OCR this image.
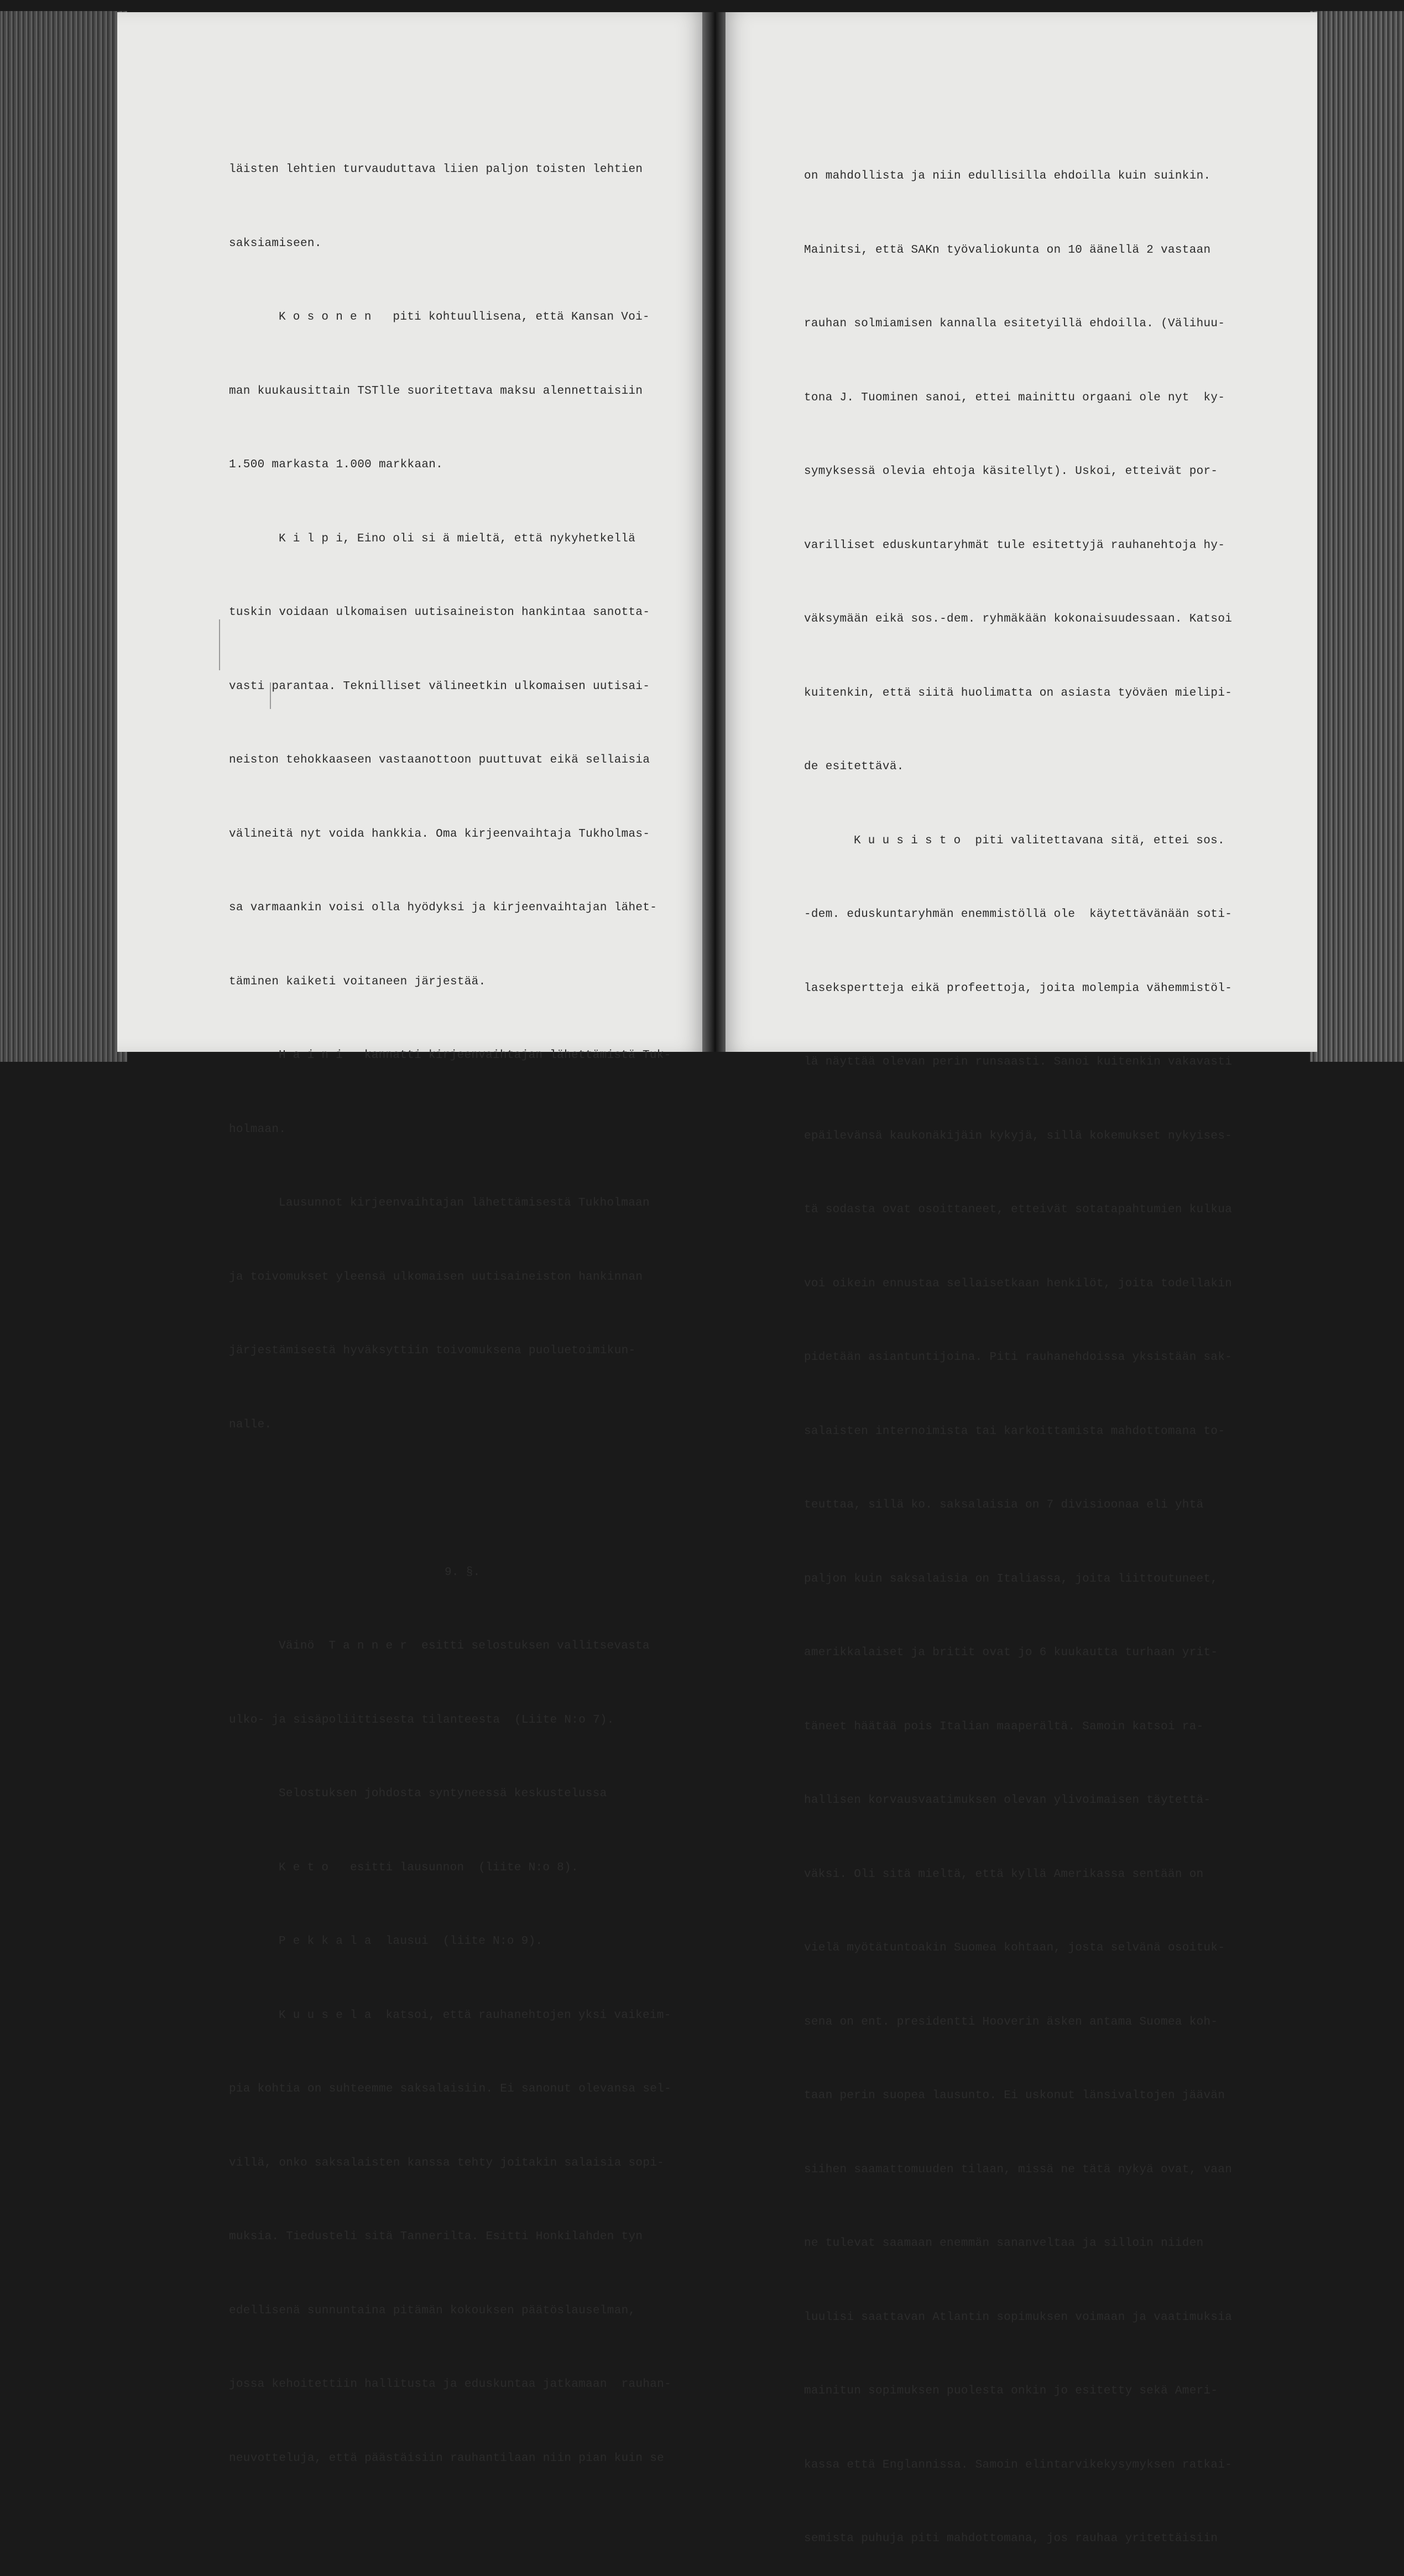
läisten lehtien turvauduttava liien paljon toisten lehtien

saksiamiseen.

K o s o n e n   piti kohtuullisena, että Kansan Voi-

man kuukausittain TSTlle suoritettava maksu alennettaisiin

1.500 markasta 1.000 markkaan.

K i l p i, Eino oli si ä mieltä, että nykyhetkellä

tuskin voidaan ulkomaisen uutisaineiston hankintaa sanotta-

vasti parantaa. Teknilliset välineetkin ulkomaisen uutisai-

neiston tehokkaaseen vastaanottoon puuttuvat eikä sellaisia

välineitä nyt voida hankkia. Oma kirjeenvaihtaja Tukholmas-

sa varmaankin voisi olla hyödyksi ja kirjeenvaihtajan lähet-

täminen kaiketi voitaneen järjestää.

H a i n i   kannatti kirjeenvaihtajan lähettämistä Tuk-

holmaan.

Lausunnot kirjeenvaihtajan lähettämisestä Tukholmaan

ja toivomukset yleensä ulkomaisen uutisaineiston hankinnan

järjestämisestä hyväksyttiin toivomuksena puoluetoimikun-

nalle.

9. §.

Väinö  T a n n e r  esitti selostuksen vallitsevasta

ulko- ja sisäpoliittisesta tilanteesta  (Liite N:o 7).

Selostuksen johdosta syntyneessä keskustelussa

K e t o   esitti lausunnon  (liite N:o 8).

P e k k a l a  lausui  (liite N:o 9).

K u u s e l a  katsoi, että rauhanehtojen yksi vaikeim-

pia kohtia on suhteemme saksalaisiin. Ei sanonut olevansa sel-

villä, onko saksalaisten kanssa tehty joitakin salaisia sopi-

muksia. Tiedusteli sitä Tannerilta. Esitti Honkilahden tyn

edellisenä sunnuntaina pitämän kokouksen päätöslauselman,

jossa kehoitettiin hallitusta ja eduskuntaa jatkamaan  rauhan-

neuvotteluja, että päästäisiin rauhantilaan niin pian kuin se

on mahdollista ja niin edullisilla ehdoilla kuin suinkin.

Mainitsi, että SAKn työvaliokunta on 10 äänellä 2 vastaan

rauhan solmiamisen kannalla esitetyillä ehdoilla. (Välihuu-

tona J. Tuominen sanoi, ettei mainittu orgaani ole nyt  ky-

symyksessä olevia ehtoja käsitellyt). Uskoi, etteivät por-

varilliset eduskuntaryhmät tule esitettyjä rauhanehtoja hy-

väksymään eikä sos.-dem. ryhmäkään kokonaisuudessaan. Katsoi

kuitenkin, että siitä huolimatta on asiasta työväen mielipi-

de esitettävä.

K u u s i s t o  piti valitettavana sitä, ettei sos.

-dem. eduskuntaryhmän enemmistöllä ole  käytettävänään soti-

lasekspertteja eikä profeettoja, joita molempia vähemmistöl-

lä näyttää olevan perin runsaasti. Sanoi kuitenkin vakavasti

epäilevänsä kaukonäkijäin kykyjä, sillä kokemukset nykyises-

tä sodasta ovat osoittaneet, etteivät sotatapahtumien kulkua

voi oikein ennustaa sellaisetkaan henkilöt, joita todellakin

pidetään asiantuntijoina. Piti rauhanehdoissa yksistään sak-

salaisten internoimista tai karkoittamista mahdottomana to-

teuttaa, sillä ko. saksalaisia on 7 divisioonaa eli yhtä

paljon kuin saksalaisia on Italiassa, joita liittoutuneet,

amerikkalaiset ja britit ovat jo 6 kuukautta turhaan yrit-

täneet häätää pois Italian maaperältä. Samoin katsoi ra-

hallisen korvausvaatimuksen olevan ylivoimaisen täytettä-

väksi. Oli sitä mieltä, että kyllä Amerikassa sentään on

vielä myötätuntoakin Suomea kohtaan, josta selvänä osoituk-

sena on ent. presidentti Hooverin äsken antama Suomea koh-

taan perin suopea lausunto. Ei uskonut länsivaltojen jäävän

siihen saamattomuuden tilaan, missä ne tätä nykyä ovat, vaan

ne tulevat saamaan enemmän sananveltaa ja silloin niiden

luulisi saattavan Atlantin sopimuksen voimaan ja vaatimuksia

mainitun sopimuksen puolesta onkin jo esitetty sekä Ameri-

kassa että Englannissa. Samoin elintarvikekysymyksen ratkai-

semista puhuja piti mahdottomana, jos rauhaa yritettäisiin
